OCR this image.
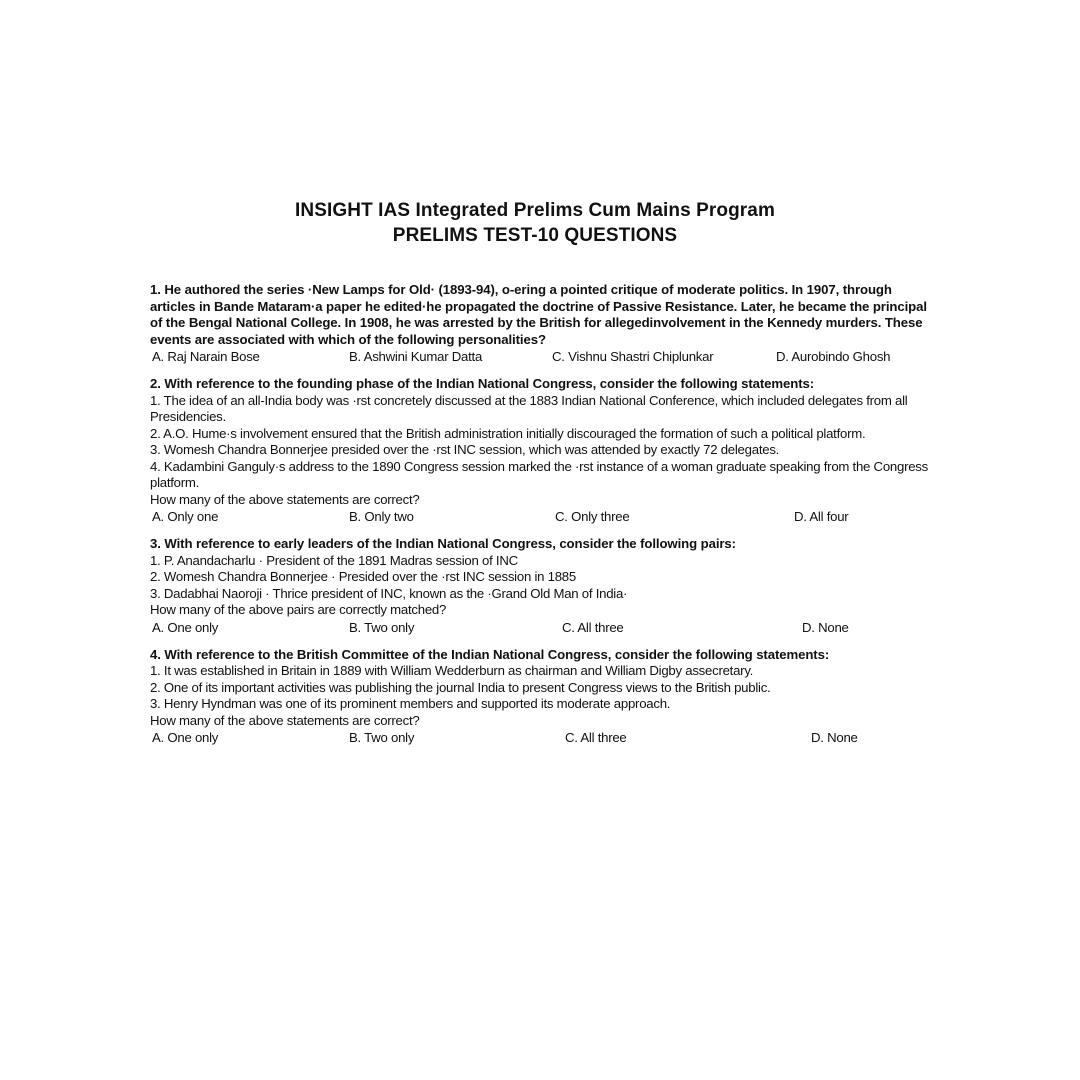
INSIGHT IAS Integrated Prelims Cum Mains Program
PRELIMS TEST-10 QUESTIONS

1. He authored the series ·New Lamps for Old· (1893-94), o-ering a pointed critique of moderate politics. In 1907, through articles in Bande Mataram·a paper he edited·he propagated the doctrine of Passive Resistance. Later, he became the principal of the Bengal National College. In 1908, he was arrested by the British for allegedinvolvement in the Kennedy murders. These events are associated with which of the following personalities?

A. Raj Narain Bose	B. Ashwini Kumar Datta	C. Vishnu Shastri Chiplunkar	D. Aurobindo Ghosh

2. With reference to the founding phase of the Indian National Congress, consider the following statements:

1. The idea of an all-India body was ·rst concretely discussed at the 1883 Indian National Conference, which included delegates from all Presidencies.

2. A.O. Hume·s involvement ensured that the British administration initially discouraged the formation of such a political platform.

3. Womesh Chandra Bonnerjee presided over the ·rst INC session, which was attended by exactly 72 delegates.

4. Kadambini Ganguly·s address to the 1890 Congress session marked the ·rst instance of a woman graduate speaking from the Congress platform.

How many of the above statements are correct?

A. Only one	B. Only two	C. Only three	D. All four

3. With reference to early leaders of the Indian National Congress, consider the following pairs:

1. P. Anandacharlu · President of the 1891 Madras session of INC

2. Womesh Chandra Bonnerjee · Presided over the ·rst INC session in 1885

3. Dadabhai Naoroji · Thrice president of INC, known as the ·Grand Old Man of India·

How many of the above pairs are correctly matched?

A. One only	B. Two only	C. All three	D. None

4. With reference to the British Committee of the Indian National Congress, consider the following statements:

1. It was established in Britain in 1889 with William Wedderburn as chairman and William Digby assecretary.

2. One of its important activities was publishing the journal India to present Congress views to the British public.

3. Henry Hyndman was one of its prominent members and supported its moderate approach.

How many of the above statements are correct?

A. One only	B. Two only	C. All three	D. None
